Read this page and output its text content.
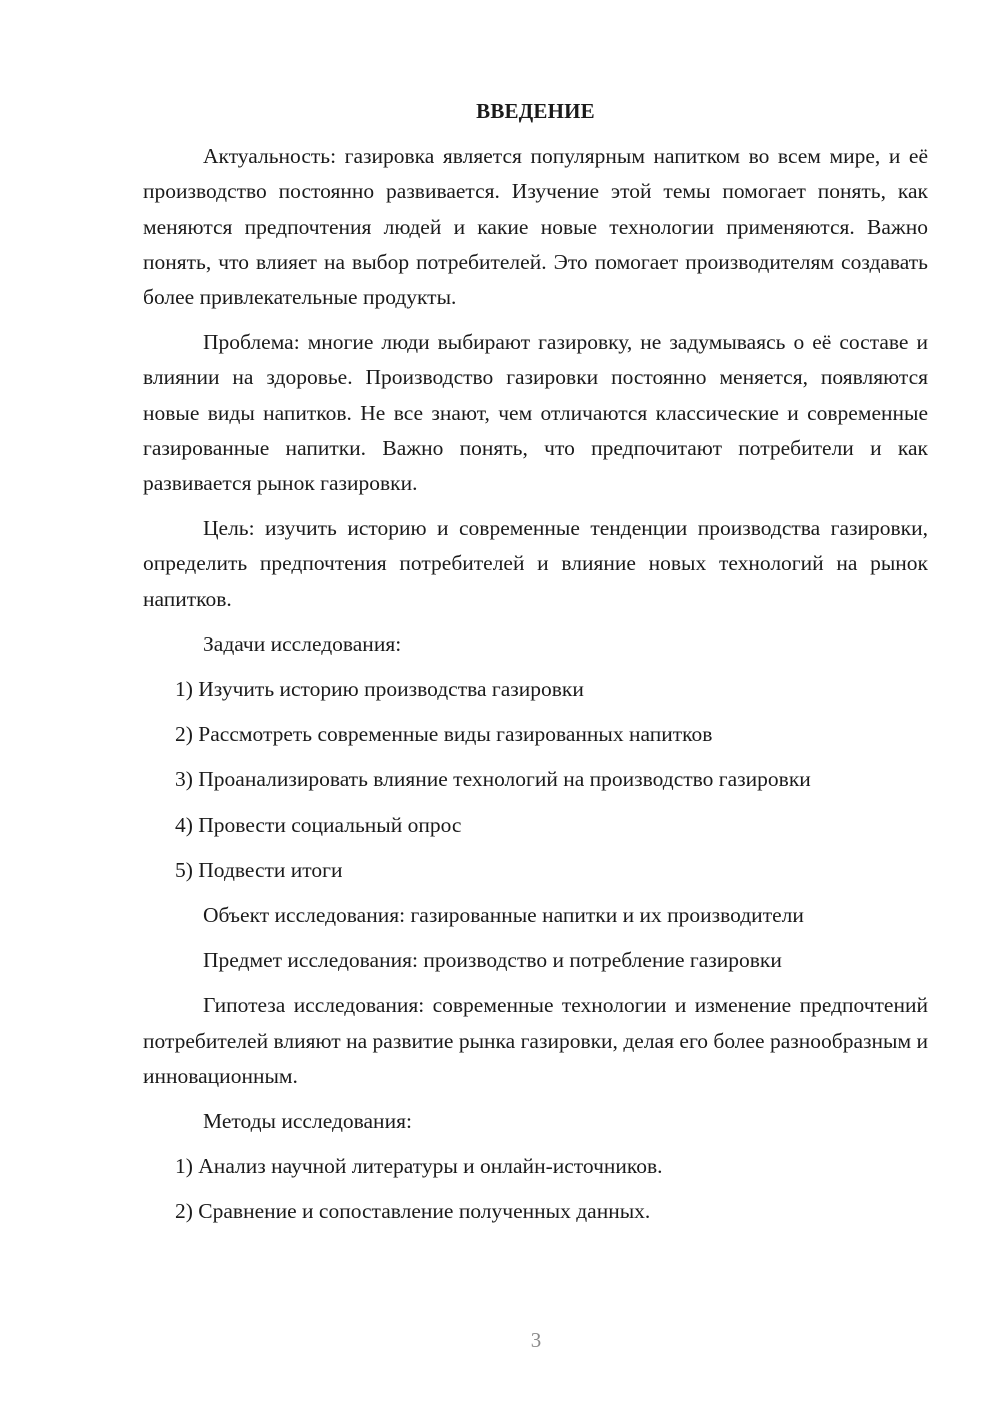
ВВЕДЕНИЕ

Актуальность: газировка является популярным напитком во всем мире, и её производство постоянно развивается. Изучение этой темы помогает понять, как меняются предпочтения людей и какие новые технологии применяются. Важно понять, что влияет на выбор потребителей. Это помогает производителям создавать более привлекательные продукты.

Проблема: многие люди выбирают газировку, не задумываясь о её составе и влиянии на здоровье. Производство газировки постоянно меняется, появляются новые виды напитков. Не все знают, чем отличаются классические и современные газированные напитки. Важно понять, что предпочитают потребители и как развивается рынок газировки.

Цель: изучить историю и современные тенденции производства газировки, определить предпочтения потребителей и влияние новых технологий на рынок напитков.

Задачи исследования:

1) Изучить историю производства газировки

2) Рассмотреть современные виды газированных напитков

3) Проанализировать влияние технологий на производство газировки

4) Провести социальный опрос

5) Подвести итоги

Объект исследования: газированные напитки и их производители

Предмет исследования: производство и потребление газировки

Гипотеза исследования: современные технологии и изменение предпочтений потребителей влияют на развитие рынка газировки, делая его более разнообразным и инновационным.

Методы исследования:

1) Анализ научной литературы и онлайн-источников.

2) Сравнение и сопоставление полученных данных.

3
